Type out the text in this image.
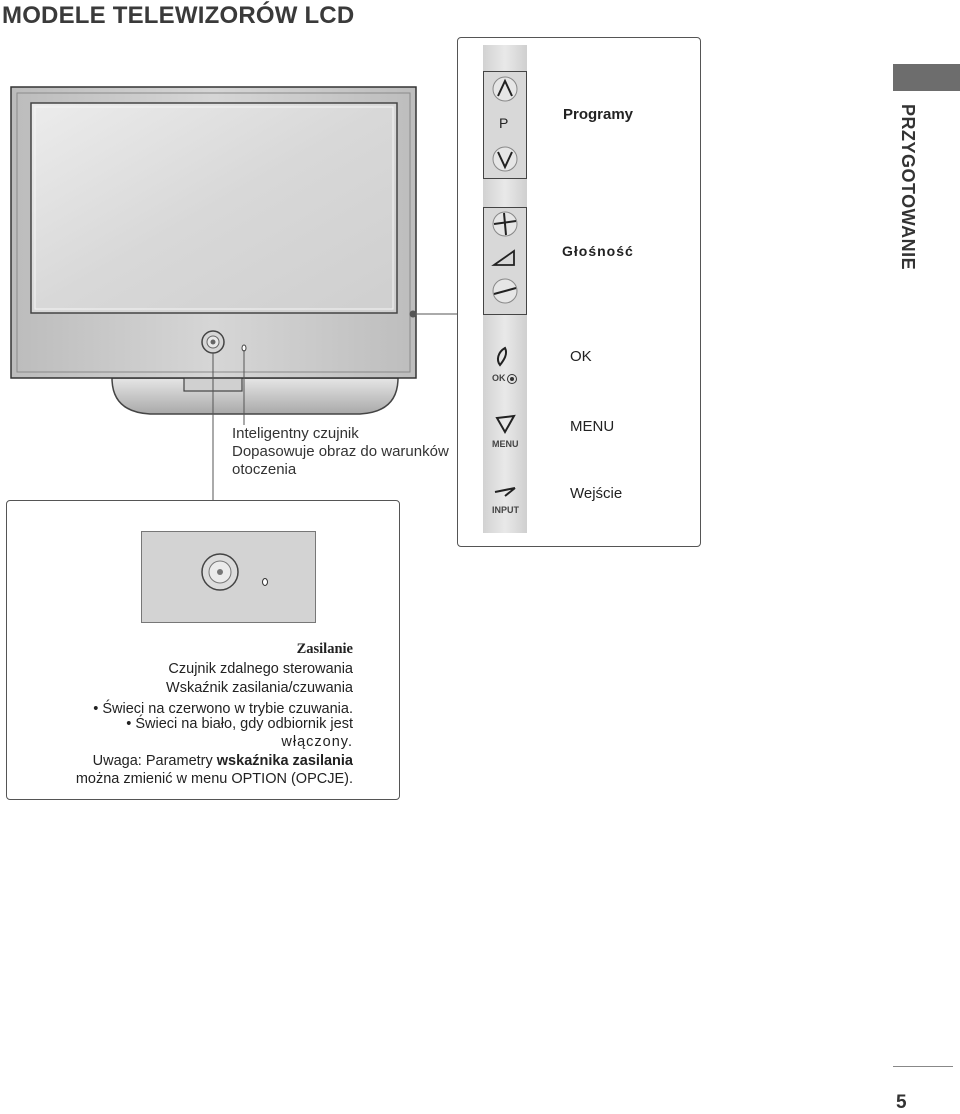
MODELE TELEWIZORÓW LCD
PRZYGOTOWANIE
P
OK
MENU
INPUT
Programy
Głośność
OK
MENU
Wejście
Inteligentny czujnik
Dopasowuje obraz do warunków
otoczenia
Zasilanie
Czujnik zdalnego sterowania
Wskaźnik zasilania/czuwania
• Świeci na czerwono w trybie czuwania.
• Świeci na biało, gdy odbiornik jest
włączony.
Uwaga: Parametry wskaźnika zasilania
można zmienić w menu OPTION (OPCJE).
5
